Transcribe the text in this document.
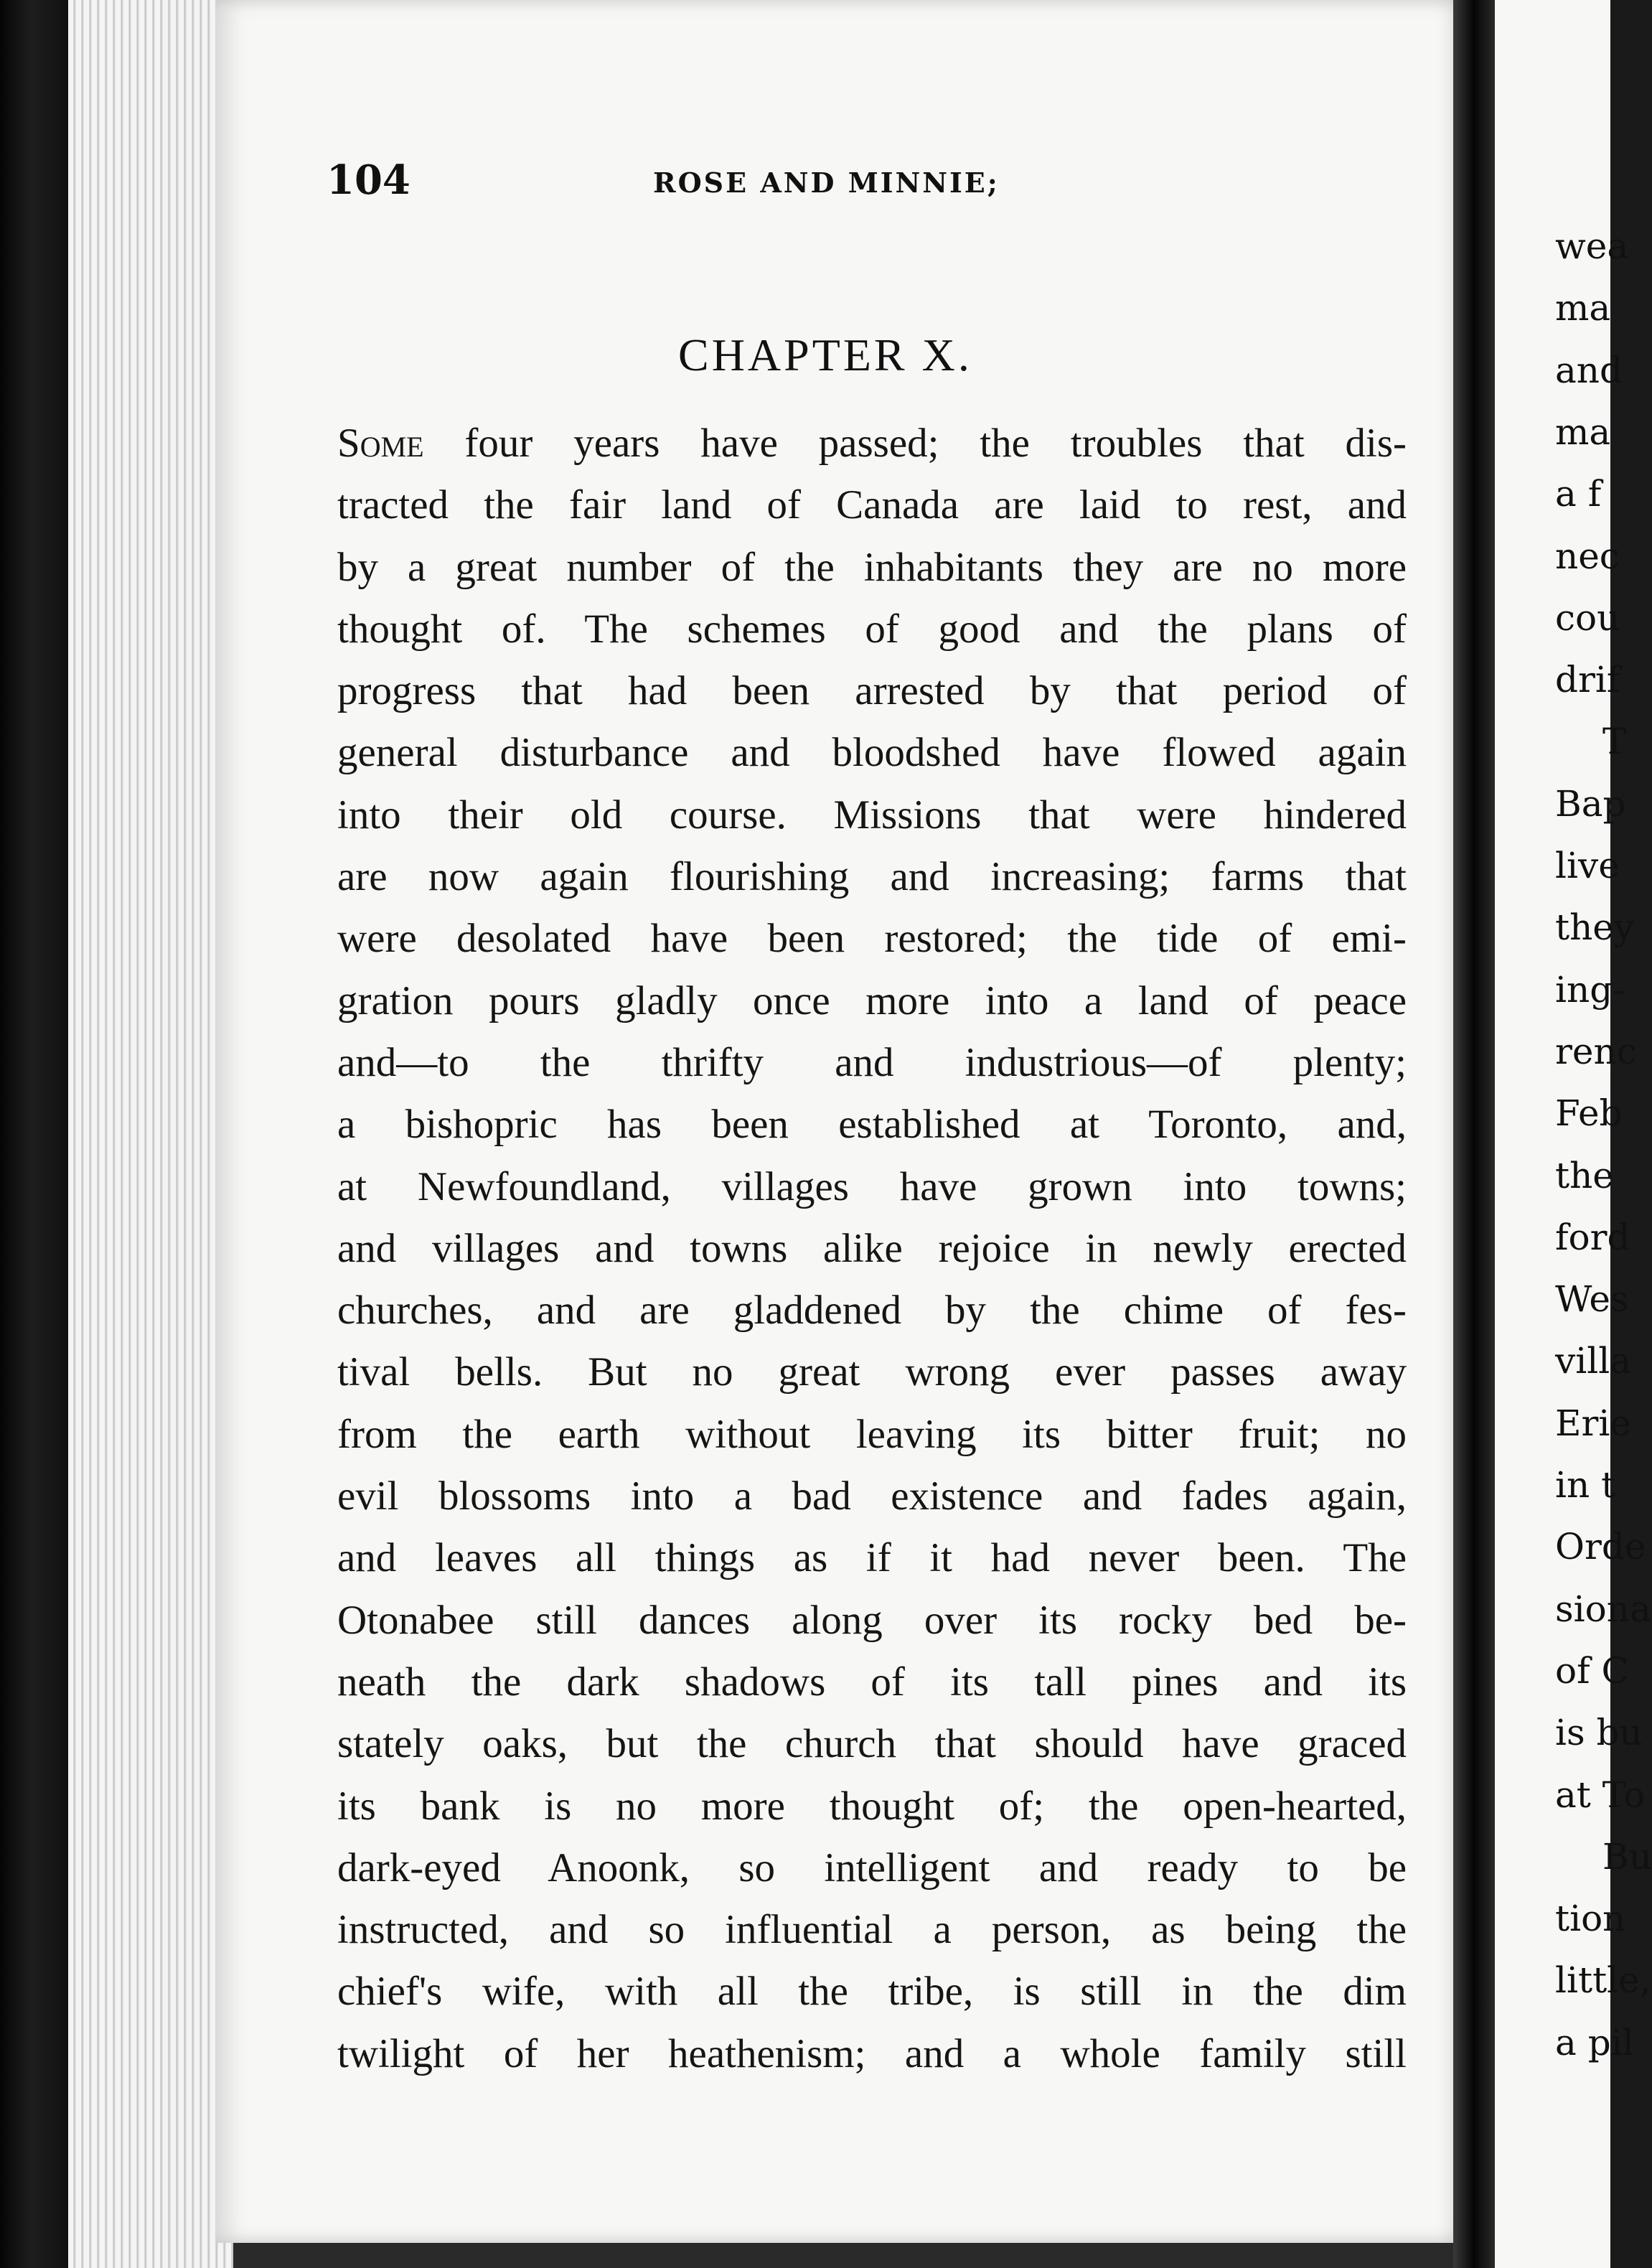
104	ROSE AND MINNIE;
CHAPTER X.
Some four years have passed; the troubles that dis-
tracted the fair land of Canada are laid to rest, and
by a great number of the inhabitants they are no more
thought of. The schemes of good and the plans of
progress that had been arrested by that period of
general disturbance and bloodshed have flowed again
into their old course. Missions that were hindered
are now again flourishing and increasing; farms that
were desolated have been restored; the tide of emi-
gration pours gladly once more into a land of peace
and—to the thrifty and industrious—of plenty;
a bishopric has been established at Toronto, and,
at Newfoundland, villages have grown into towns;
and villages and towns alike rejoice in newly erected
churches, and are gladdened by the chime of fes-
tival bells. But no great wrong ever passes away
from the earth without leaving its bitter fruit; no
evil blossoms into a bad existence and fades again,
and leaves all things as if it had never been. The
Otonabee still dances along over its rocky bed be-
neath the dark shadows of its tall pines and its
stately oaks, but the church that should have graced
its bank is no more thought of; the open-hearted,
dark-eyed Anoonk, so intelligent and ready to be
instructed, and so influential a person, as being the
chief's wife, with all the tribe, is still in the dim
twilight of her heathenism; and a whole family still
wea
ma
and
ma
a f
nec
cou
drif
T
Bap
live
they
ing-
renc
Feb
the
ford
Wes
villa
Erie
in t
Orde
siona
of C
is bu
at To
Bu
tion
little,
a pil
